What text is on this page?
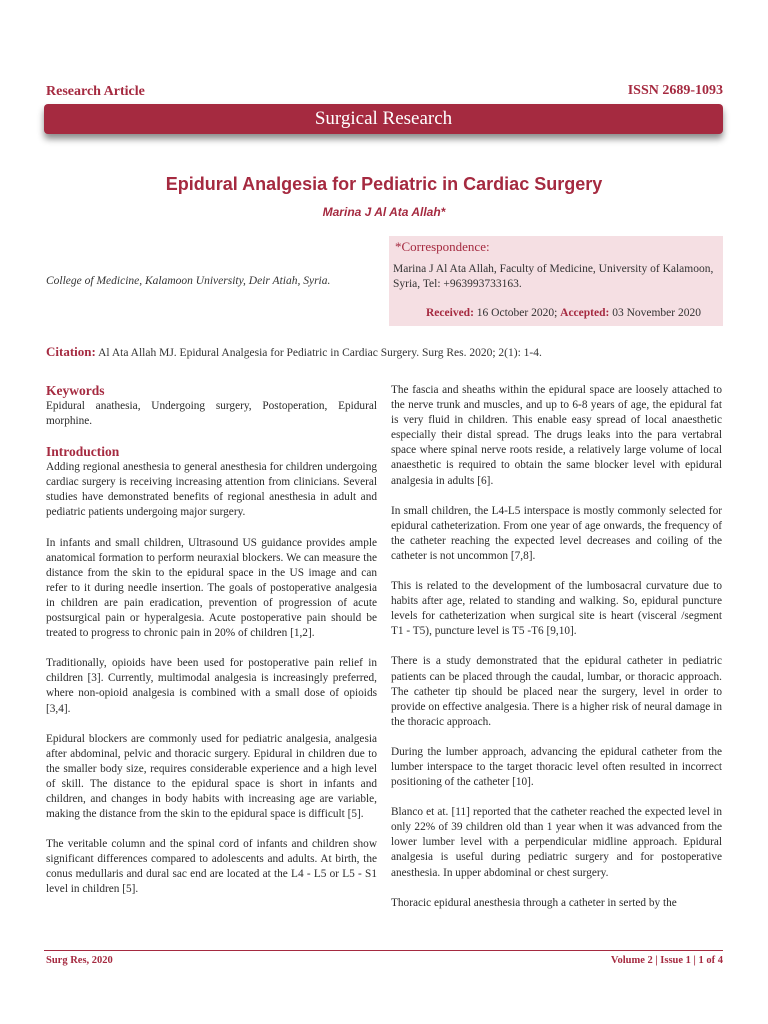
Research Article	ISSN 2689-1093
Surgical Research
Epidural Analgesia for Pediatric in Cardiac Surgery
Marina J Al Ata Allah*
College of Medicine, Kalamoon University, Deir Atiah, Syria.
*Correspondence:
Marina J Al Ata Allah, Faculty of Medicine, University of Kalamoon, Syria, Tel: +963993733163.
Received: 16 October 2020; Accepted: 03 November 2020
Citation: Al Ata Allah MJ. Epidural Analgesia for Pediatric in Cardiac Surgery. Surg Res. 2020; 2(1): 1-4.
Keywords

Epidural anathesia, Undergoing surgery, Postoperation, Epidural morphine.

Introduction

Adding regional anesthesia to general anesthesia for children undergoing cardiac surgery is receiving increasing attention from clinicians. Several studies have demonstrated benefits of regional anesthesia in adult and pediatric patients undergoing major surgery.

In infants and small children, Ultrasound US guidance provides ample anatomical formation to perform neuraxial blockers. We can measure the distance from the skin to the epidural space in the US image and can refer to it during needle insertion. The goals of postoperative analgesia in children are pain eradication, prevention of progression of acute postsurgical pain or hyperalgesia. Acute postoperative pain should be treated to progress to chronic pain in 20% of children [1,2].

Traditionally, opioids have been used for postoperative pain relief in children [3]. Currently, multimodal analgesia is increasingly preferred, where non-opioid analgesia is combined with a small dose of opioids [3,4].

Epidural blockers are commonly used for pediatric analgesia, analgesia after abdominal, pelvic and thoracic surgery. Epidural in children due to the smaller body size, requires considerable experience and a high level of skill. The distance to the epidural space is short in infants and children, and changes in body habits with increasing age are variable, making the distance from the skin to the epidural space is difficult [5].

The veritable column and the spinal cord of infants and children show significant differences compared to adolescents and adults. At birth, the conus medullaris and dural sac end are located at the L4 - L5 or L5 - S1 level in children [5].

The fascia and sheaths within the epidural space are loosely attached to the nerve trunk and muscles, and up to 6-8 years of age, the epidural fat is very fluid in children. This enable easy spread of local anaesthetic especially their distal spread. The drugs leaks into the para vertabral space where spinal nerve roots reside, a relatively large volume of local anaesthetic is required to obtain the same blocker level with epidural analgesia in adults [6].

In small children, the L4-L5 interspace is mostly commonly selected for epidural catheterization. From one year of age onwards, the frequency of the catheter reaching the expected level decreases and coiling of the catheter is not uncommon [7,8].

This is related to the development of the lumbosacral curvature due to habits after age, related to standing and walking. So, epidural puncture levels for catheterization when surgical site is heart (visceral /segment T1 - T5), puncture level is T5 -T6 [9,10].

There is a study demonstrated that the epidural catheter in pediatric patients can be placed through the caudal, lumbar, or thoracic approach. The catheter tip should be placed near the surgery, level in order to provide on effective analgesia. There is a higher risk of neural damage in the thoracic approach.

During the lumber approach, advancing the epidural catheter from the lumber interspace to the target thoracic level often resulted in incorrect positioning of the catheter [10].

Blanco et at. [11] reported that the catheter reached the expected level in only 22% of 39 children old than 1 year when it was advanced from the lower lumber level with a perpendicular midline approach. Epidural analgesia is useful during pediatric surgery and for postoperative anesthesia. In upper abdominal or chest surgery.

Thoracic epidural anesthesia through a catheter in serted by the

Surg Res, 2020	Volume 2 | Issue 1 | 1 of 4
